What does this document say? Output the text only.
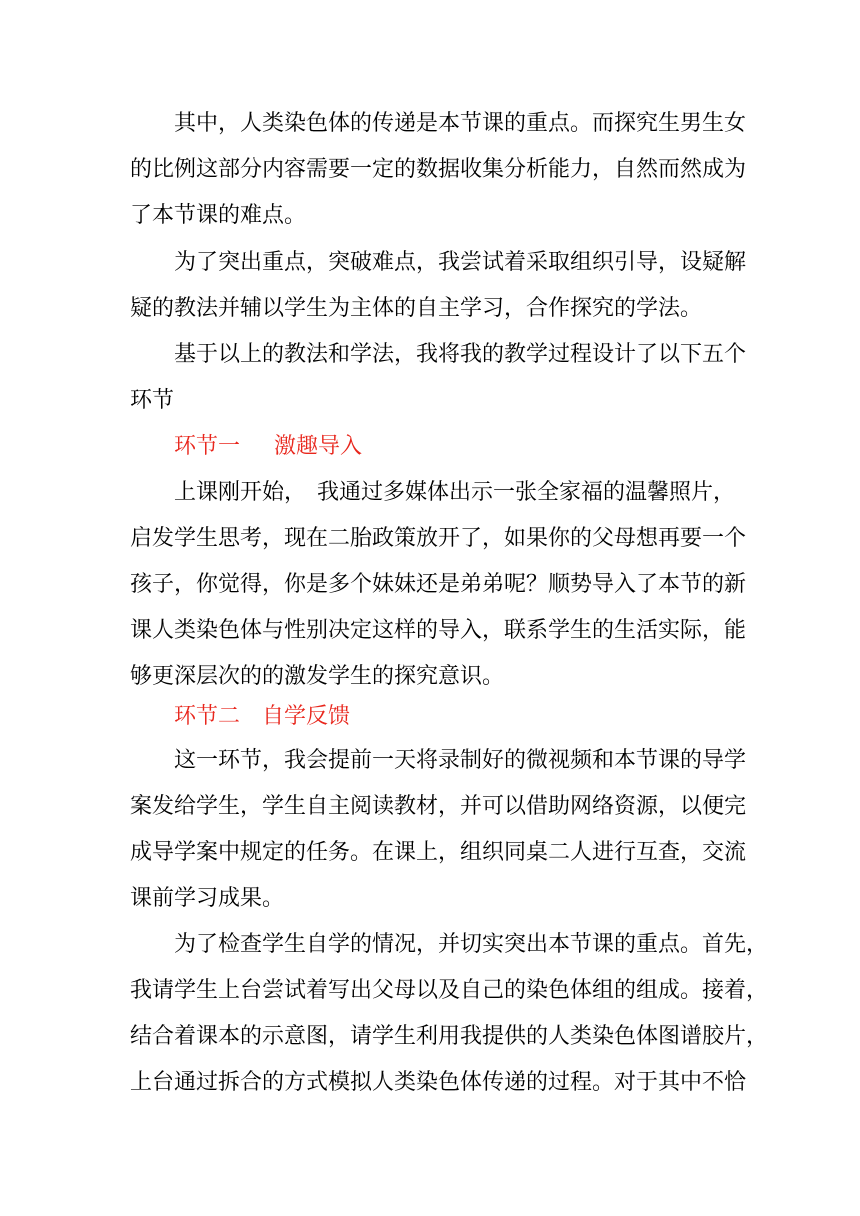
其中，人类染色体的传递是本节课的重点。而探究生男生女
的比例这部分内容需要一定的数据收集分析能力，自然而然成为
了本节课的难点。
为了突出重点，突破难点，我尝试着采取组织引导，设疑解
疑的教法并辅以学生为主体的自主学习，合作探究的学法。
基于以上的教法和学法，我将我的教学过程设计了以下五个
环节
环节一 激趣导入
上课刚开始，　我通过多媒体出示一张全家福的温馨照片，
启发学生思考，现在二胎政策放开了，如果你的父母想再要一个
孩子，你觉得，你是多个妹妹还是弟弟呢？顺势导入了本节的新
课人类染色体与性别决定这样的导入，联系学生的生活实际，能
够更深层次的的激发学生的探究意识。
环节二 自学反馈
这一环节，我会提前一天将录制好的微视频和本节课的导学
案发给学生，学生自主阅读教材，并可以借助网络资源，以便完
成导学案中规定的任务。在课上，组织同桌二人进行互查，交流
课前学习成果。
为了检查学生自学的情况，并切实突出本节课的重点。首先，
我请学生上台尝试着写出父母以及自己的染色体组的组成。接着，
结合着课本的示意图，请学生利用我提供的人类染色体图谱胶片，
上台通过拆合的方式模拟人类染色体传递的过程。对于其中不恰
